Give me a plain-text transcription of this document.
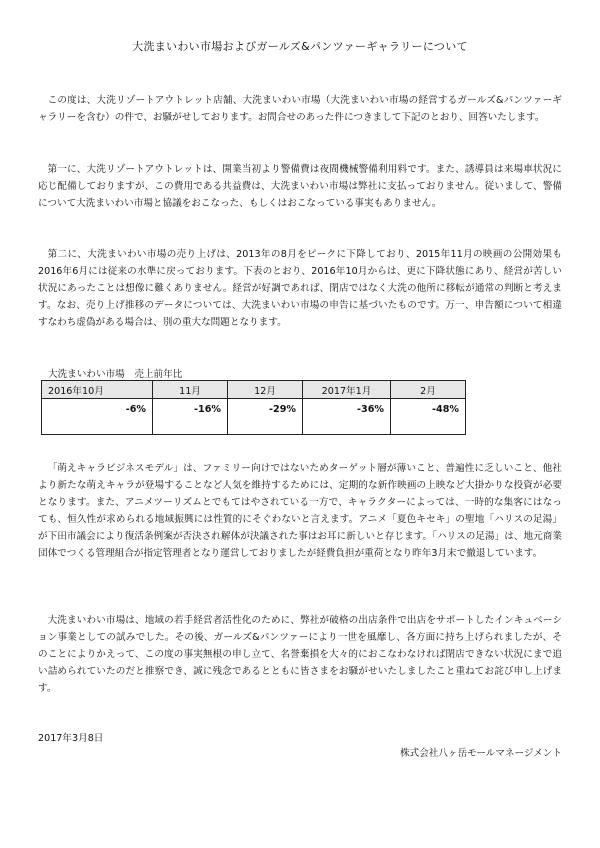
大洗まいわい市場およびガールズ&パンツァーギャラリーについて

この度は、大洗リゾートアウトレット店舗、大洗まいわい市場（大洗まいわい市場の経営するガールズ&パンツァーギャラリーを含む）の件で、お騒がせしております。お問合せのあった件につきまして下記のとおり、回答いたします。

第一に、大洗リゾートアウトレットは、開業当初より警備費は夜間機械警備利用料です。また、誘導員は来場車状況に応じ配備しておりますが、この費用である共益費は、大洗まいわい市場は弊社に支払っておりません。従いまして、警備について大洗まいわい市場と協議をおこなった、もしくはおこなっている事実もありません。

第二に、大洗まいわい市場の売り上げは、2013年の8月をピークに下降しており、2015年11月の映画の公開効果も2016年6月には従来の水準に戻っております。下表のとおり、2016年10月からは、更に下降状態にあり、経営が苦しい状況にあったことは想像に難くありません。経営が好調であれば、閉店ではなく大洗の他所に移転が通常の判断と考えます。なお、売り上げ推移のデータについては、大洗まいわい市場の申告に基づいたものです。万一、申告額について相違すなわち虚偽がある場合は、別の重大な問題となります。

大洗まいわい市場　売上前年比
2016年10月	11月	12月	2017年1月	2月
-6%	-16%	-29%	-36%	-48%

「萌えキャラビジネスモデル」は、ファミリー向けではないためターゲット層が薄いこと、普遍性に乏しいこと、他社より新たな萌えキャラが登場することなど人気を維持するためには、定期的な新作映画の上映など大掛かりな投資が必要となります。また、アニメツーリズムとでもてはやされている一方で、キャラクターによっては、一時的な集客にはなっても、恒久性が求められる地域振興には性質的にそぐわないと言えます。アニメ「夏色キセキ」の聖地「ハリスの足湯」が下田市議会により復活条例案が否決され解体が決議された事はお耳に新しいと存じます。「ハリスの足湯」は、地元商業団体でつくる管理組合が指定管理者となり運営しておりましたが経費負担が重荷となり昨年3月末で撤退しています。

大洗まいわい市場は、地域の若手経営者活性化のために、弊社が破格の出店条件で出店をサポートしたインキュベーション事業としての試みでした。その後、ガールズ&パンツァーにより一世を風靡し、各方面に持ち上げられましたが、そのことによりかえって、この度の事実無根の申し立て、名誉棄損を大々的におこなわなければ閉店できない状況にまで追い詰められていたのだと推察でき、誠に残念であるとともに皆さまをお騒がせいたしましたこと重ねてお詫び申し上げます。

2017年3月8日
株式会社八ヶ岳モールマネージメント
